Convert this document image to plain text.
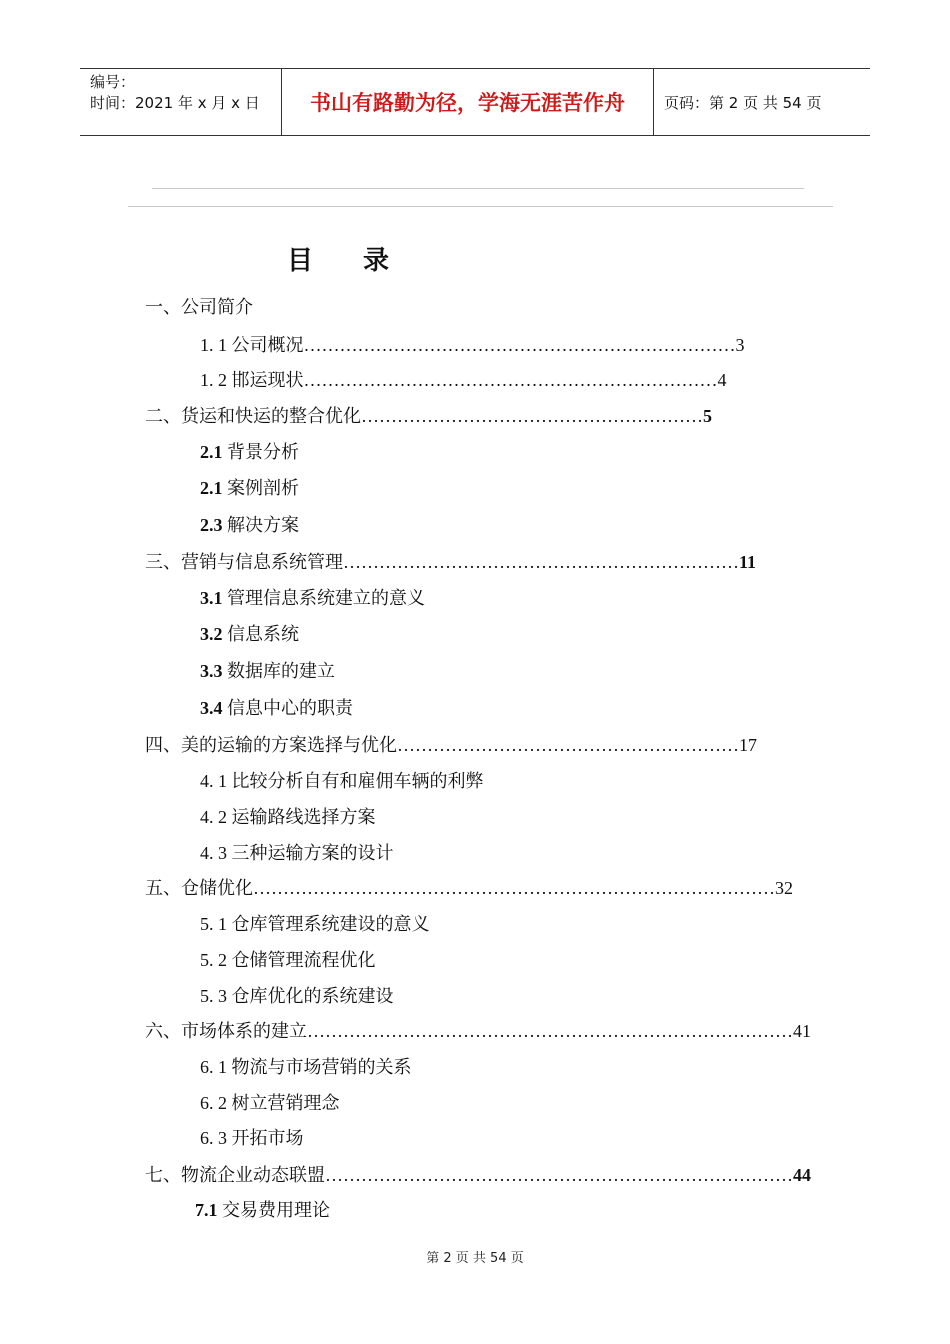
编号：
时间：2021 年 x 月 x 日	书山有路勤为径，学海无涯苦作舟	页码：第 2 页 共 54 页
目录
一、公司简介
1. 1 公司概况………………………………………………………………3
1. 2 邯运现状……………………………………………………………4
二、货运和快运的整合优化…………………………………………………5
2.1 背景分析
2.1 案例剖析
2.3 解决方案
三、营销与信息系统管理…………………………………………………………11
3.1 管理信息系统建立的意义
3.2 信息系统
3.3 数据库的建立
3.4 信息中心的职责
四、美的运输的方案选择与优化…………………………………………………17
4. 1 比较分析自有和雇佣车辆的利弊
4. 2 运输路线选择方案
4. 3 三种运输方案的设计
五、仓储优化……………………………………………………………………………32
5. 1 仓库管理系统建设的意义
5. 2 仓储管理流程优化
5. 3 仓库优化的系统建设
六、市场体系的建立………………………………………………………………………41
6. 1 物流与市场营销的关系
6. 2 树立营销理念
6. 3 开拓市场
七、物流企业动态联盟……………………………………………………………………44
7.1 交易费用理论
第 2 页 共 54 页
